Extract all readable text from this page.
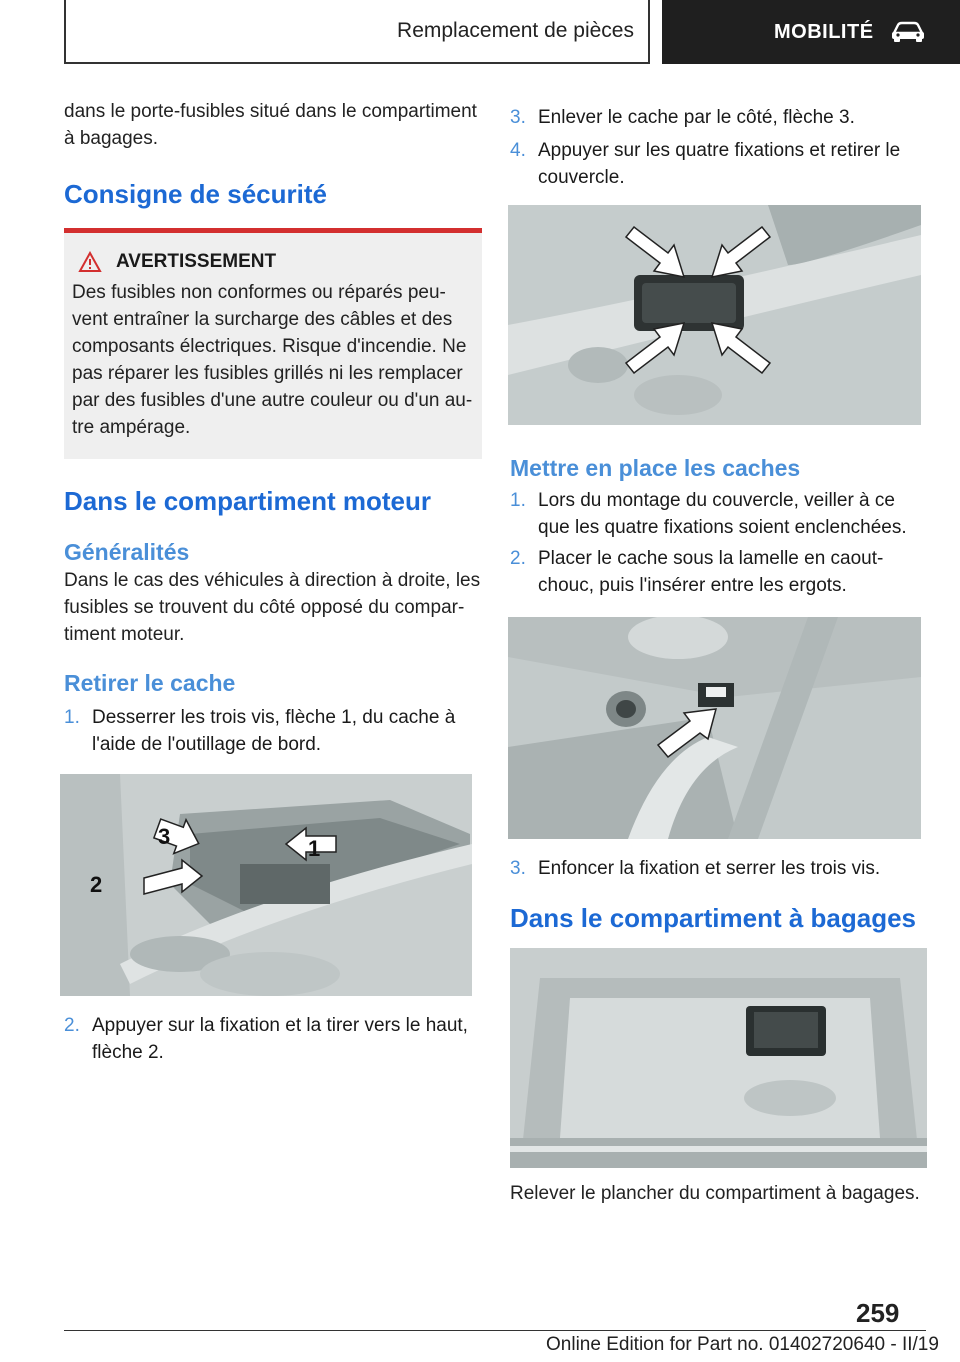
Remplacement de pièces	MOBILITÉ
dans le porte-fusibles situé dans le compartiment à bagages.
Consigne de sécurité
AVERTISSEMENT
Des fusibles non conformes ou réparés peuvent entraîner la surcharge des câbles et des composants électriques. Risque d'incendie. Ne pas réparer les fusibles grillés ni les remplacer par des fusibles d'une autre couleur ou d'un autre ampérage.
Dans le compartiment moteur
Généralités
Dans le cas des véhicules à direction à droite, les fusibles se trouvent du côté opposé du compartiment moteur.
Retirer le cache
1. Desserrer les trois vis, flèche 1, du cache à l'aide de l'outillage de bord.
2
3	1
2. Appuyer sur la fixation et la tirer vers le haut, flèche 2.
3. Enlever le cache par le côté, flèche 3.
4. Appuyer sur les quatre fixations et retirer le couvercle.
Mettre en place les caches
1. Lors du montage du couvercle, veiller à ce que les quatre fixations soient enclenchées.
2. Placer le cache sous la lamelle en caoutchouc, puis l'insérer entre les ergots.
3. Enfoncer la fixation et serrer les trois vis.
Dans le compartiment à bagages
Relever le plancher du compartiment à bagages.
259
Online Edition for Part no. 01402720640 - II/19
